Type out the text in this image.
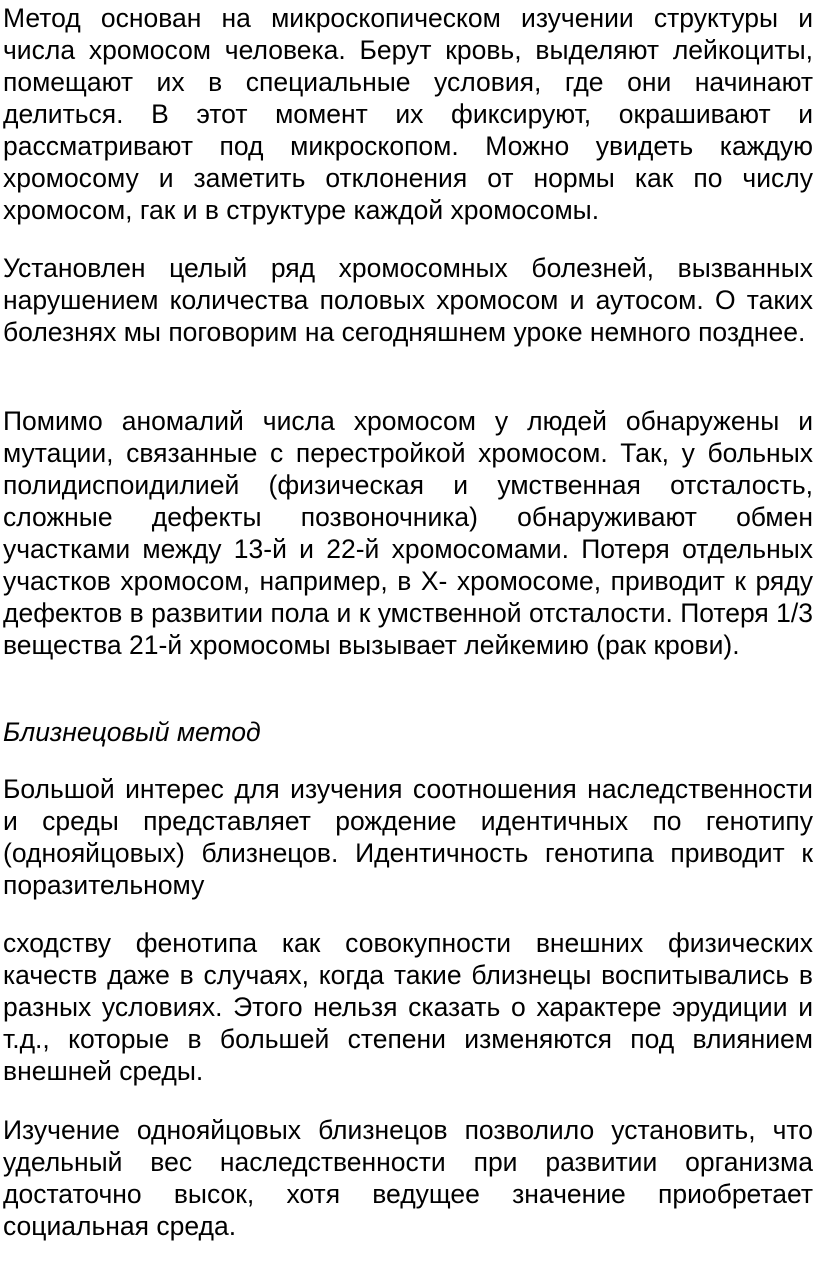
Метод основан на микроскопическом изучении структуры и числа хромосом человека. Берут кровь, выделяют лейкоциты, помещают их в специальные условия, где они начинают делиться. В этот момент их фиксируют, окрашивают и рассматривают под микроскопом. Можно увидеть каждую хромосому и заметить отклонения от нормы как по числу хромосом, гак и в структуре каждой хромосомы.

Установлен целый ряд хромосомных болезней, вызванных нарушением количества половых хромосом и аутосом. О таких болезнях мы поговорим на сегодняшнем уроке немного позднее.

Помимо аномалий числа хромосом у людей обнаружены и мутации, связанные с перестройкой хромосом. Так, у больных полидиспоидилией (физическая и умственная отсталость, сложные дефекты позвоночника) обнаруживают обмен участками между 13-й и 22-й хромосомами. Потеря отдельных участков хромосом, например, в X- хромосоме, приводит к ряду дефектов в развитии пола и к умственной отсталости. Потеря 1/3 вещества 21-й хромосомы вызывает лейкемию (рак крови).

Близнецовый метод

Большой интерес для изучения соотношения наследственности и среды представляет рождение идентичных по генотипу (однояйцовых) близнецов. Идентичность генотипа приводит к поразительному

сходству фенотипа как совокупности внешних физических качеств даже в случаях, когда такие близнецы воспитывались в разных условиях. Этого нельзя сказать о характере эрудиции и т.д., которые в большей степени изменяются под влиянием внешней среды.

Изучение однояйцовых близнецов позволило установить, что удельный вес наследственности при развитии организма достаточно высок, хотя ведущее значение приобретает социальная среда.
